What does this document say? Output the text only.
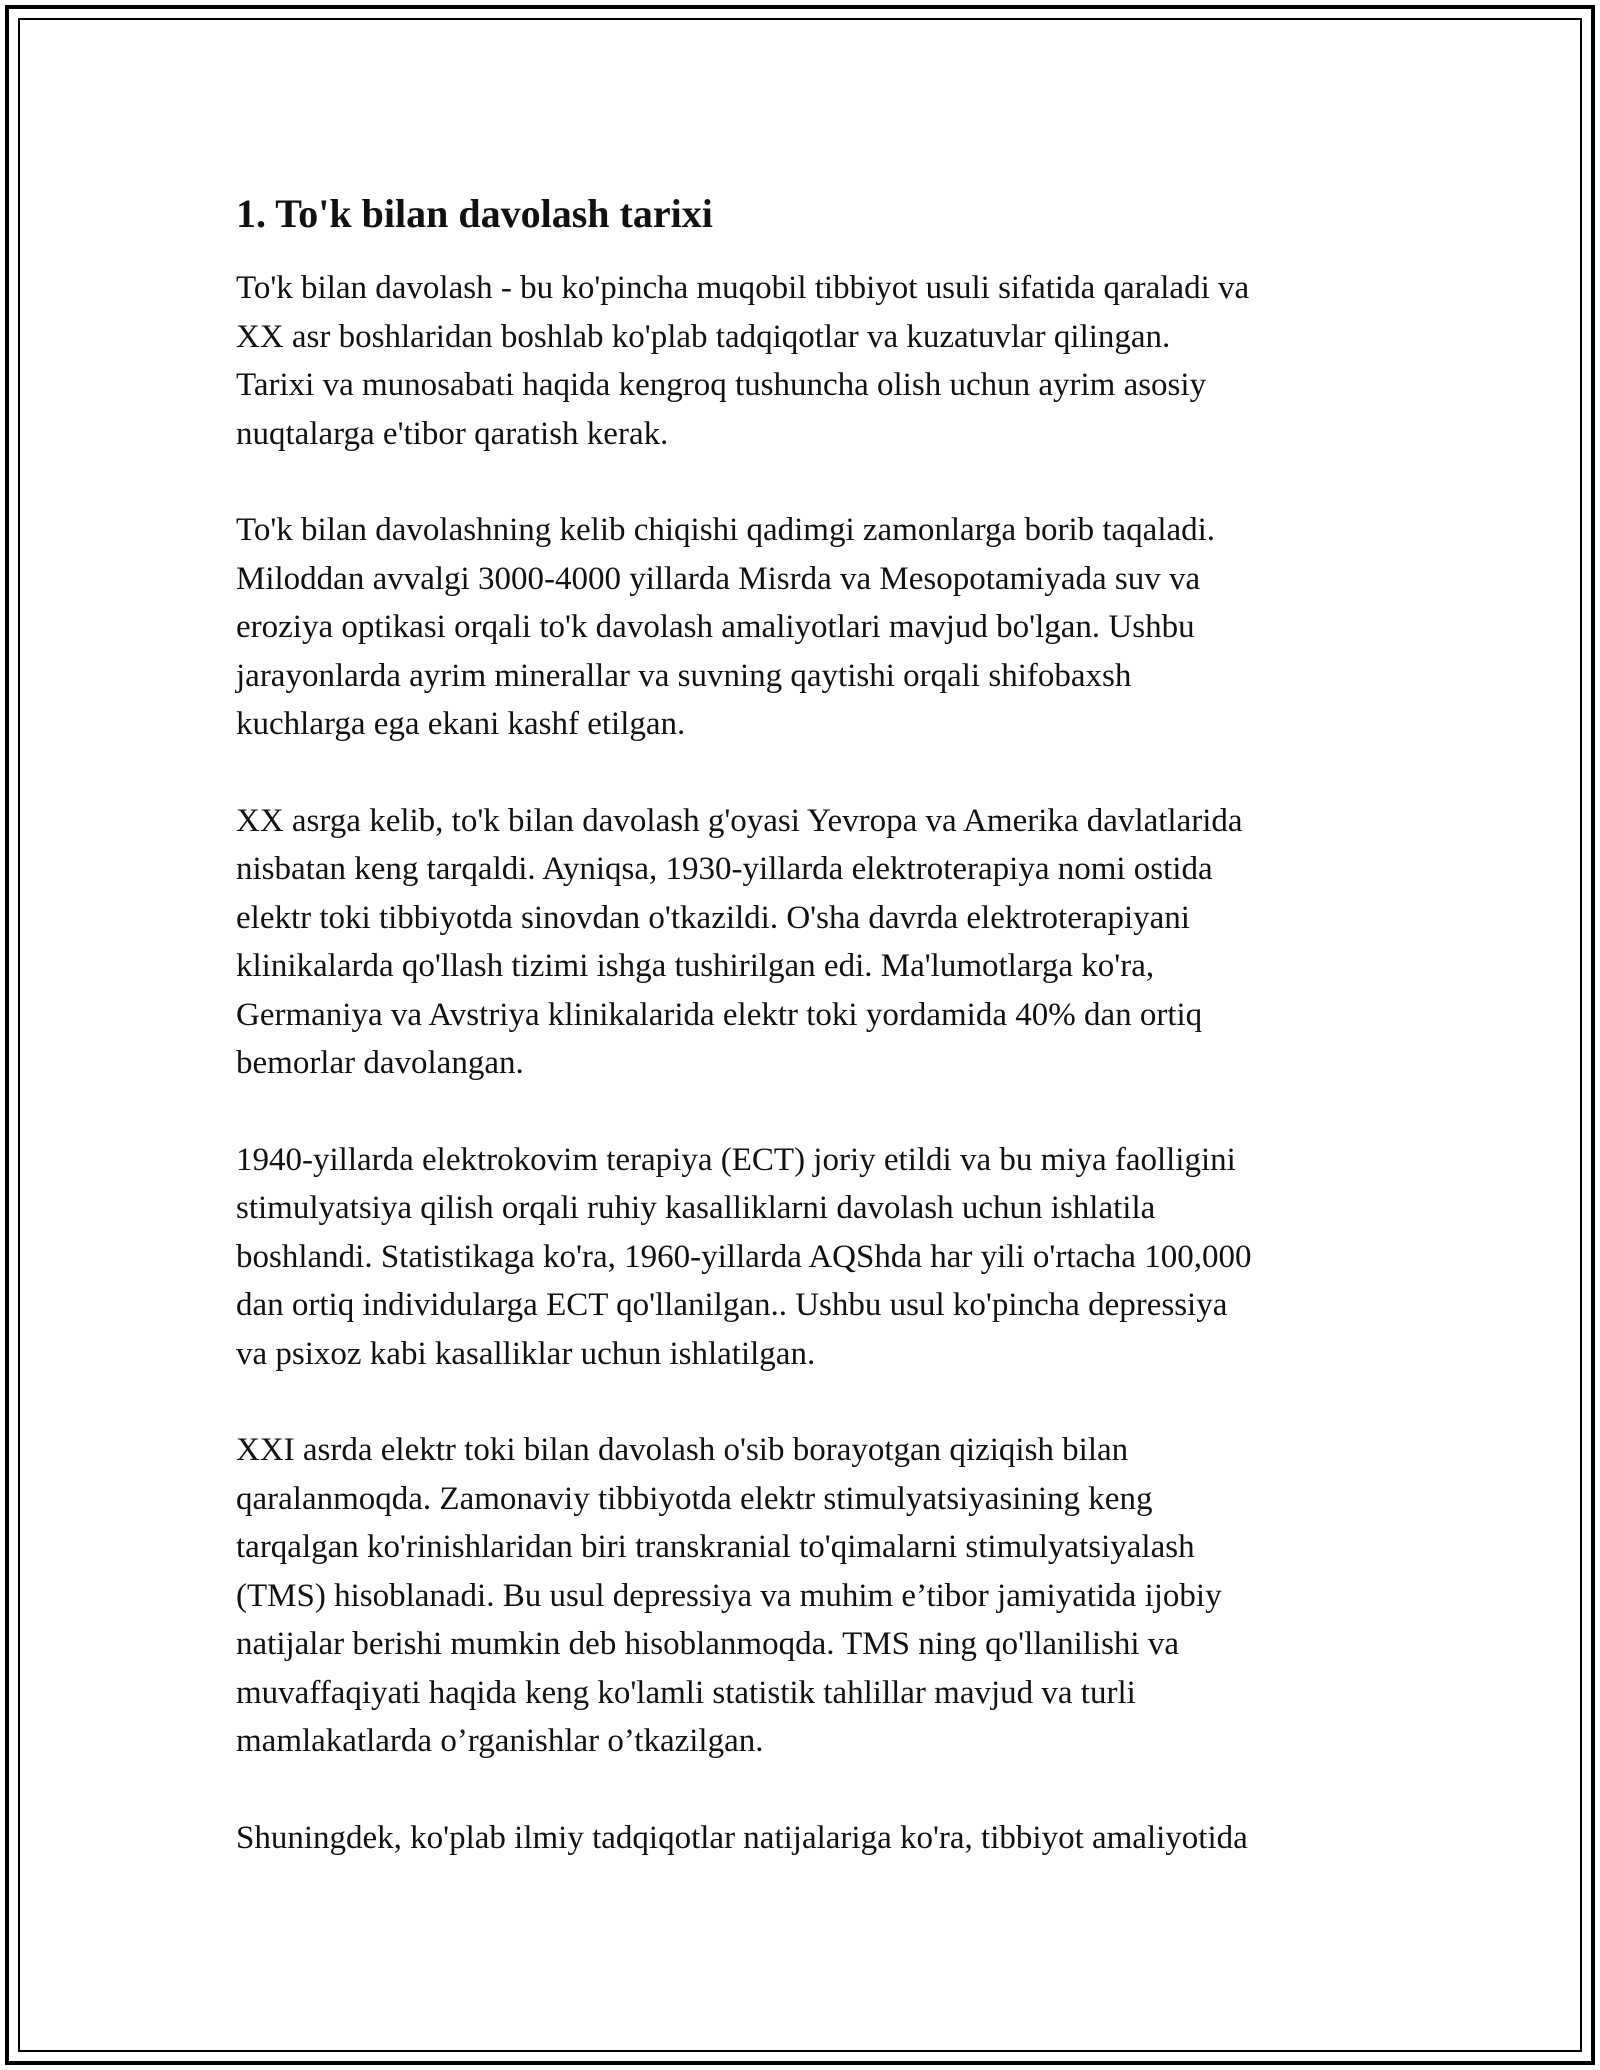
1. To'k bilan davolash tarixi

To'k bilan davolash - bu ko'pincha muqobil tibbiyot usuli sifatida qaraladi va
XX asr boshlaridan boshlab ko'plab tadqiqotlar va kuzatuvlar qilingan.
Tarixi va munosabati haqida kengroq tushuncha olish uchun ayrim asosiy
nuqtalarga e'tibor qaratish kerak.

To'k bilan davolashning kelib chiqishi qadimgi zamonlarga borib taqaladi.
Miloddan avvalgi 3000-4000 yillarda Misrda va Mesopotamiyada suv va
eroziya optikasi orqali to'k davolash amaliyotlari mavjud bo'lgan. Ushbu
jarayonlarda ayrim minerallar va suvning qaytishi orqali shifobaxsh
kuchlarga ega ekani kashf etilgan.

XX asrga kelib, to'k bilan davolash g'oyasi Yevropa va Amerika davlatlarida
nisbatan keng tarqaldi. Ayniqsa, 1930-yillarda elektroterapiya nomi ostida
elektr toki tibbiyotda sinovdan o'tkazildi. O'sha davrda elektroterapiyani
klinikalarda qo'llash tizimi ishga tushirilgan edi. Ma'lumotlarga ko'ra,
Germaniya va Avstriya klinikalarida elektr toki yordamida 40% dan ortiq
bemorlar davolangan.

1940-yillarda elektrokovim terapiya (ECT) joriy etildi va bu miya faolligini
stimulyatsiya qilish orqali ruhiy kasalliklarni davolash uchun ishlatila
boshlandi. Statistikaga ko'ra, 1960-yillarda AQShda har yili o'rtacha 100,000
dan ortiq individularga ECT qo'llanilgan.. Ushbu usul ko'pincha depressiya
va psixoz kabi kasalliklar uchun ishlatilgan.

XXI asrda elektr toki bilan davolash o'sib borayotgan qiziqish bilan
qaralanmoqda. Zamonaviy tibbiyotda elektr stimulyatsiyasining keng
tarqalgan ko'rinishlaridan biri transkranial to'qimalarni stimulyatsiyalash
(TMS) hisoblanadi. Bu usul depressiya va muhim e’tibor jamiyatida ijobiy
natijalar berishi mumkin deb hisoblanmoqda. TMS ning qo'llanilishi va
muvaffaqiyati haqida keng ko'lamli statistik tahlillar mavjud va turli
mamlakatlarda o’rganishlar o’tkazilgan.

Shuningdek, ko'plab ilmiy tadqiqotlar natijalariga ko'ra, tibbiyot amaliyotida
